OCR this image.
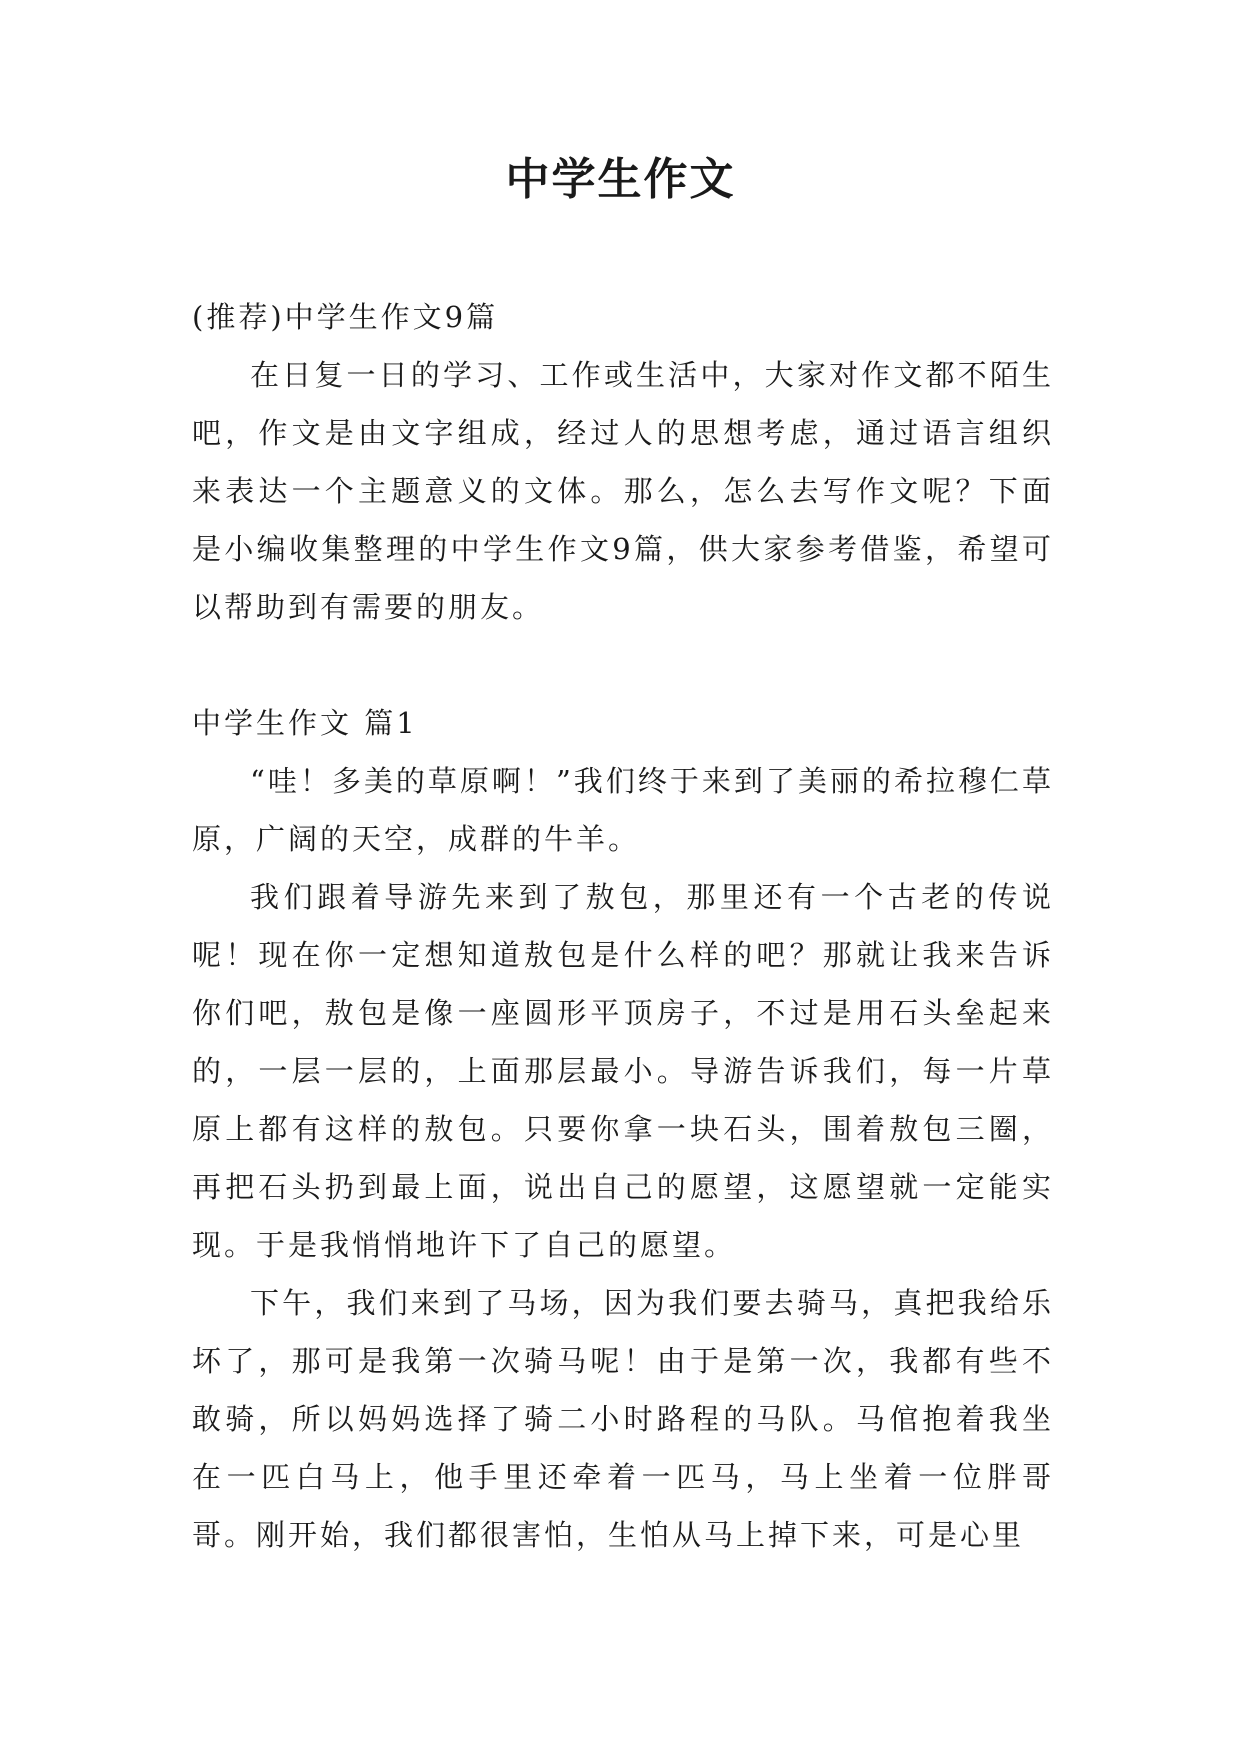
中学生作文

(推荐)中学生作文9篇

在日复一日的学习、工作或生活中，大家对作文都不陌生吧，作文是由文字组成，经过人的思想考虑，通过语言组织来表达一个主题意义的文体。那么，怎么去写作文呢？下面是小编收集整理的中学生作文9篇，供大家参考借鉴，希望可以帮助到有需要的朋友。

中学生作文 篇1

“哇！多美的草原啊！”我们终于来到了美丽的希拉穆仁草原，广阔的天空，成群的牛羊。

我们跟着导游先来到了敖包，那里还有一个古老的传说呢！现在你一定想知道敖包是什么样的吧？那就让我来告诉你们吧，敖包是像一座圆形平顶房子，不过是用石头垒起来的，一层一层的，上面那层最小。导游告诉我们，每一片草原上都有这样的敖包。只要你拿一块石头，围着敖包三圈，再把石头扔到最上面，说出自己的愿望，这愿望就一定能实现。于是我悄悄地许下了自己的愿望。

下午，我们来到了马场，因为我们要去骑马，真把我给乐坏了，那可是我第一次骑马呢！由于是第一次，我都有些不敢骑，所以妈妈选择了骑二小时路程的马队。马倌抱着我坐在一匹白马上，他手里还牵着一匹马，马上坐着一位胖哥哥。刚开始，我们都很害怕，生怕从马上掉下来，可是心里
